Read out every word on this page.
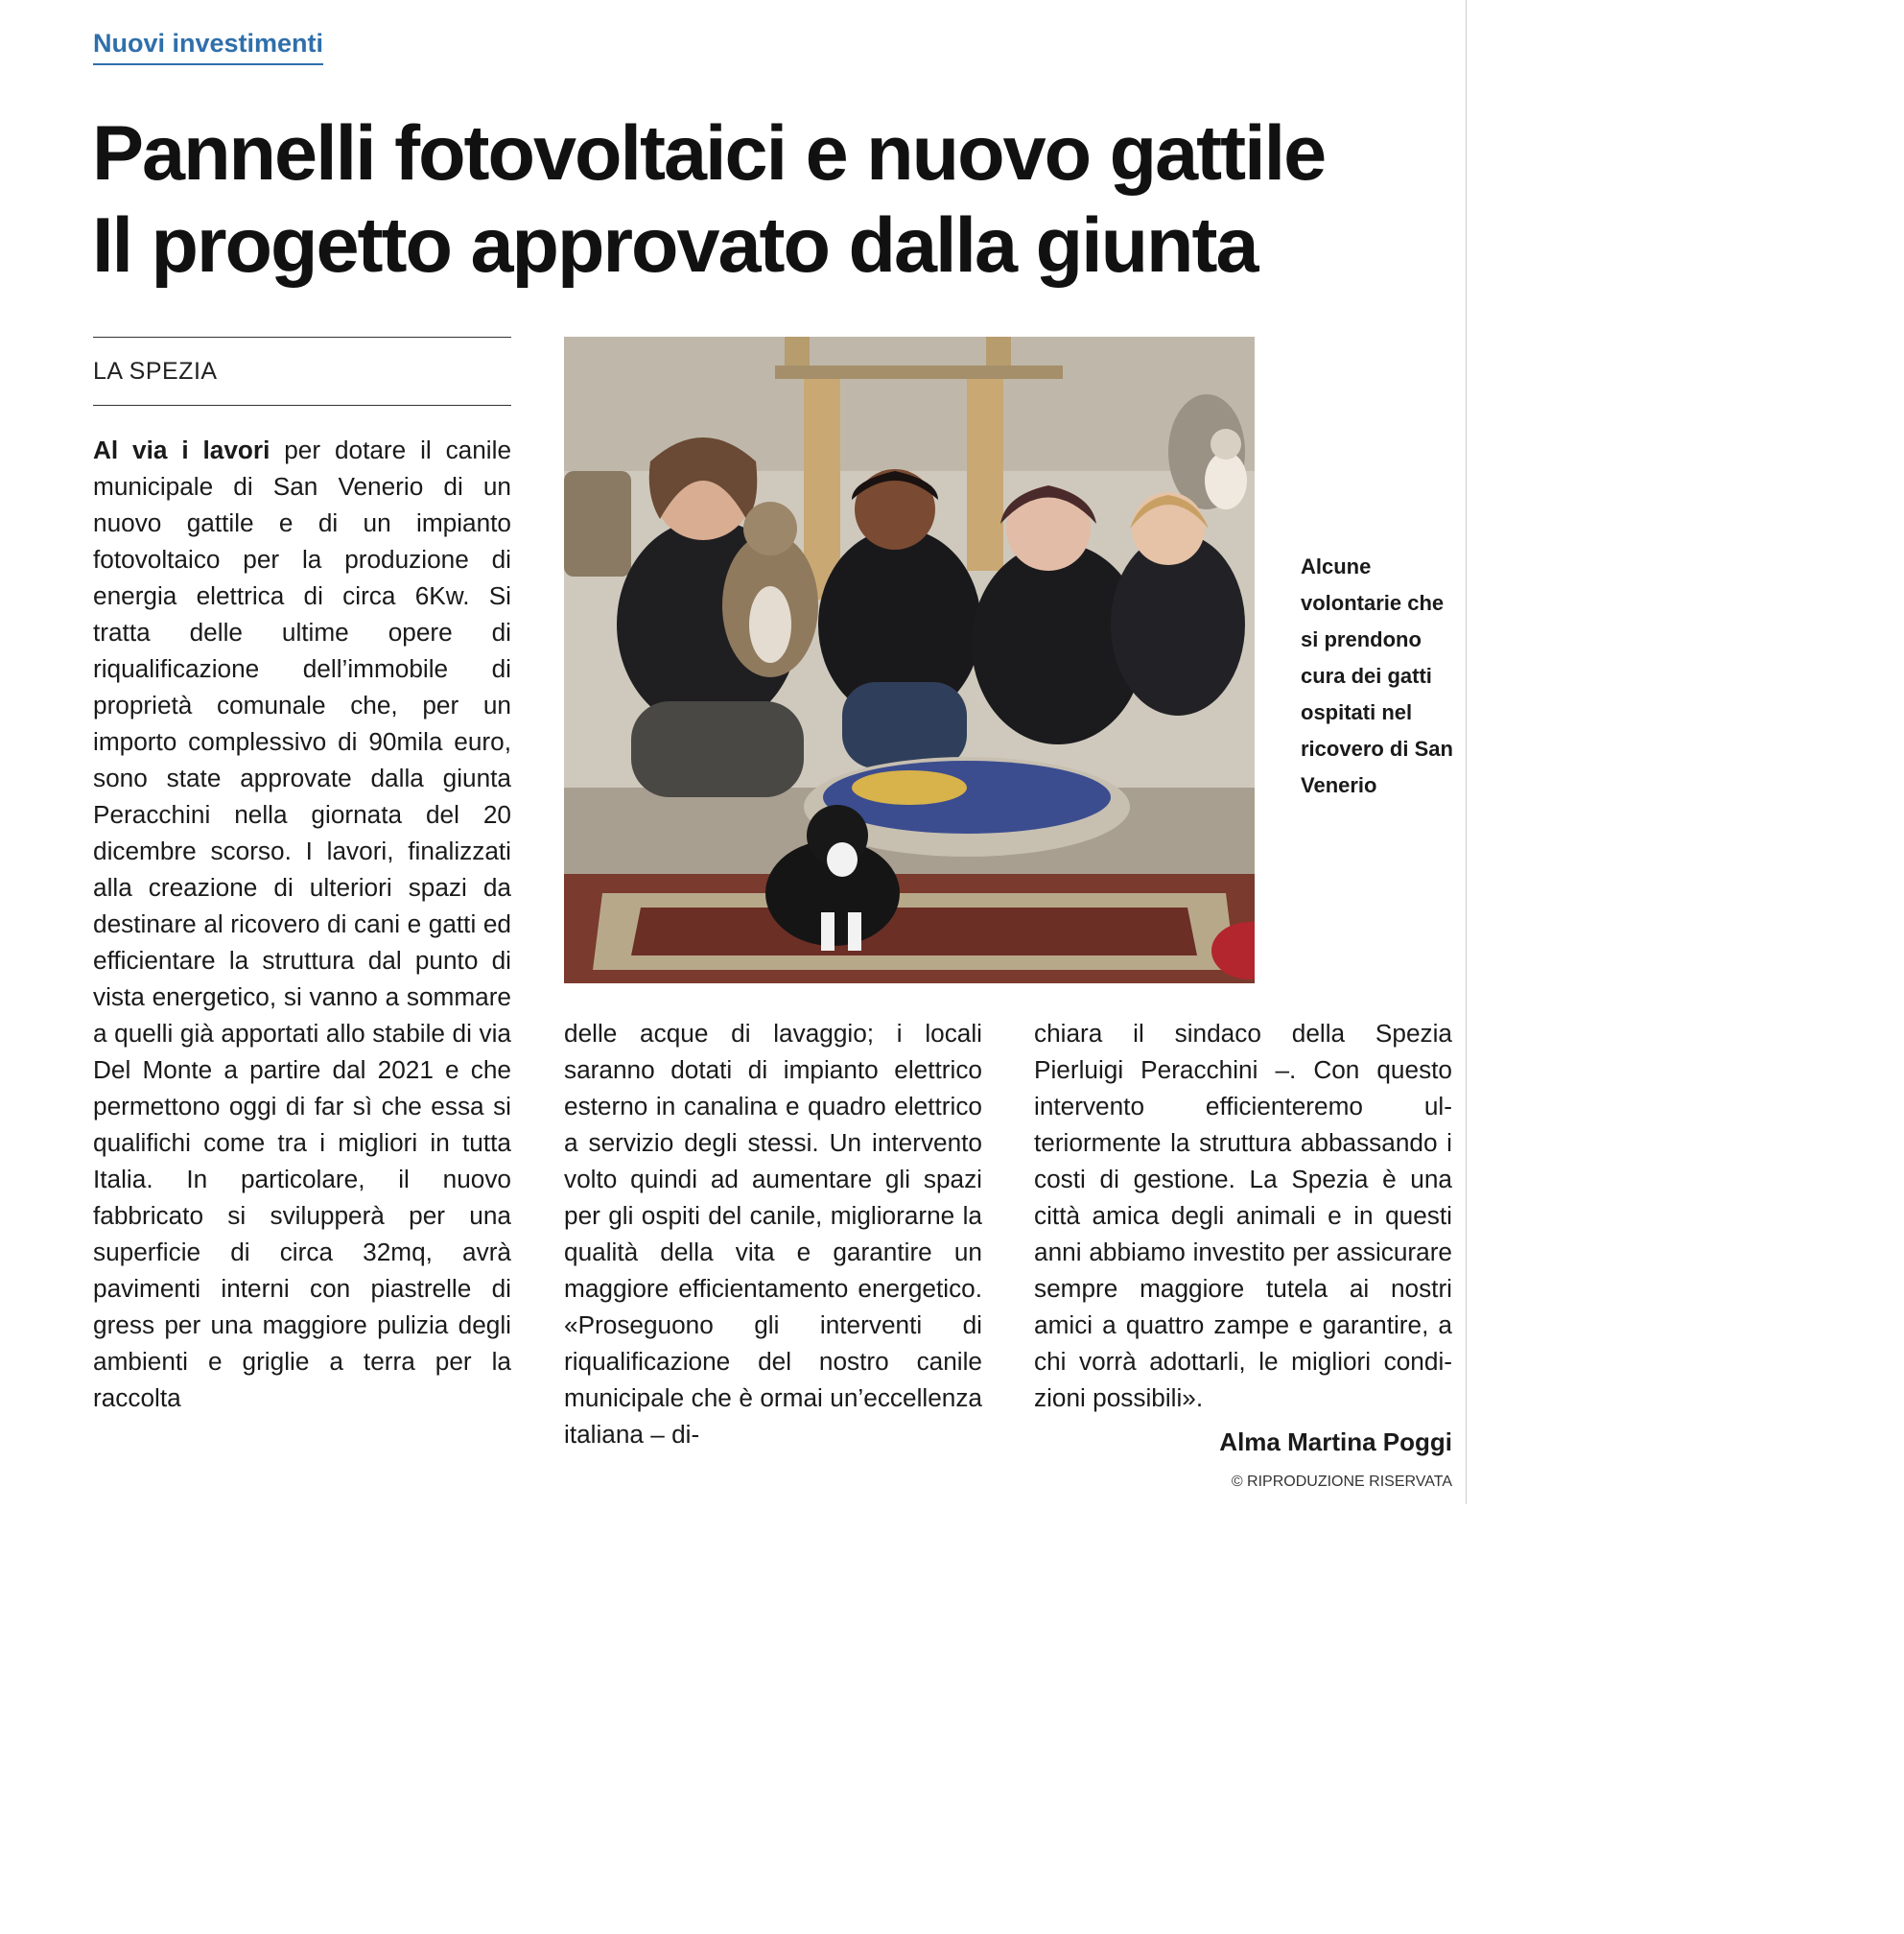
Nuovi investimenti
Pannelli fotovoltaici e nuovo gattile
Il progetto approvato dalla giunta
LA SPEZIA

Al via i lavori per dotare il canile municipale di San Venerio di un nuovo gattile e di un impianto fotovoltaico per la produzione di energia elettrica di circa 6Kw. Si tratta delle ultime opere di riqualificazione dell’immobile di proprietà comunale che, per un importo complessivo di 90mila euro, sono state approvate dalla giunta Peracchini nella giornata del 20 dicembre scorso. I lavori, finalizzati alla creazione di ulteriori spazi da destinare al ricovero di cani e gatti ed efficientare la struttura dal punto di vista energetico, si vanno a sommare a quelli già apportati allo stabile di via Del Monte a partire dal 2021 e che permettono oggi di far sì che essa si qualifichi come tra i migliori in tutta Italia. In particolare, il nuovo fabbricato si svilupperà per una superficie di circa 32mq, avrà pavimenti interni con piastrelle di gress per una maggiore pulizia degli ambienti e griglie a terra per la raccolta

Alcune volontarie che si prendono cura dei gatti ospitati nel ricovero di San Venerio

delle acque di lavaggio; i locali saranno dotati di impianto elettrico esterno in canalina e quadro elettrico a servizio degli stessi. Un intervento volto quindi ad aumentare gli spazi per gli ospiti del canile, migliorarne la qualità della vita e garantire un maggiore efficientamento energetico. «Proseguono gli interventi di riqualificazione del nostro canile municipale che è ormai un’eccellenza italiana – di-

chiara il sindaco della Spezia Pierluigi Peracchini –. Con questo intervento efficienteremo ulteriormente la struttura abbassando i costi di gestione. La Spezia è una città amica degli animali e in questi anni abbiamo investito per assicurare sempre maggiore tutela ai nostri amici a quattro zampe e garantire, a chi vorrà adottarli, le migliori condizioni possibili».

Alma Martina Poggi

© RIPRODUZIONE RISERVATA
